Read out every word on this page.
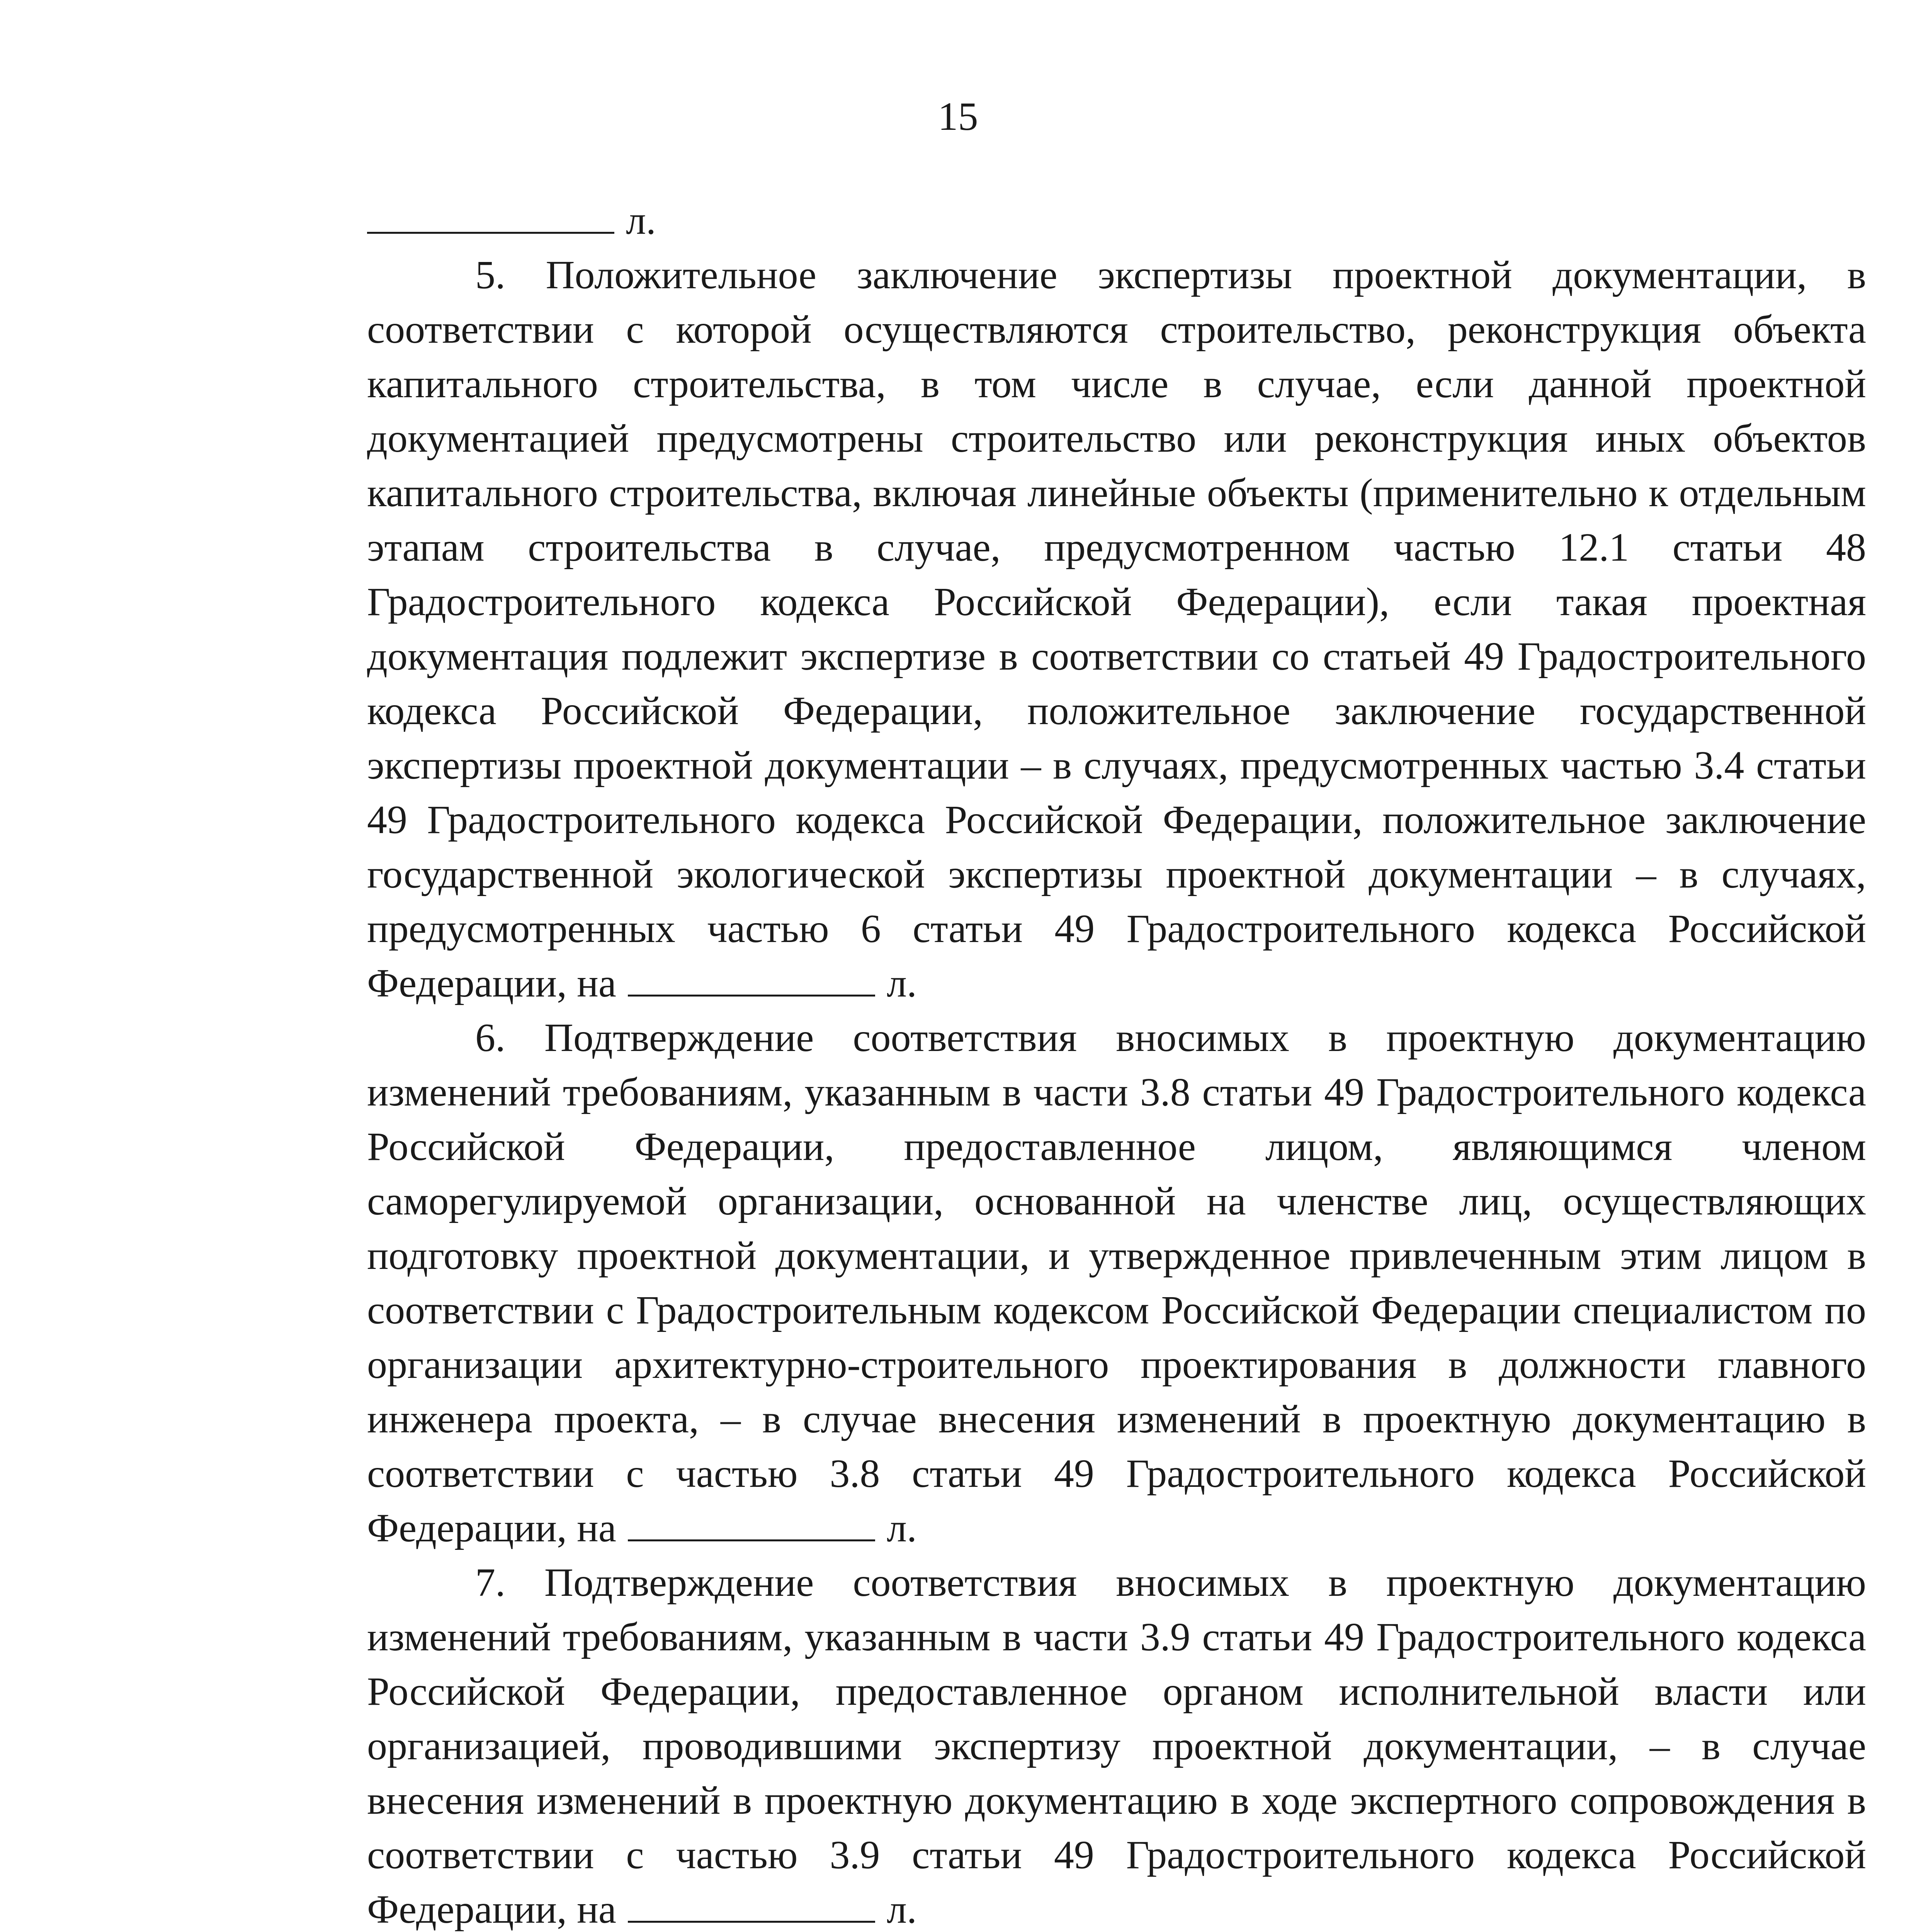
15

л.

5. Положительное заключение экспертизы проектной документации, в соответствии с которой осуществляются строительство, реконструкция объекта капитального строительства, в том числе в случае, если данной проектной документацией предусмотрены строительство или реконструкция иных объектов капитального строительства, включая линейные объекты (применительно к отдельным этапам строительства в случае, предусмотренном частью 12.1 статьи 48 Градостроительного кодекса Российской Федерации), если такая проектная документация подлежит экспертизе в соответствии со статьей 49 Градостроительного кодекса Российской Федерации, положительное заключение государственной экспертизы проектной документации – в случаях, предусмотренных частью 3.4 статьи 49 Градостроительного кодекса Российской Федерации, положительное заключение государственной экологической экспертизы проектной документации – в случаях, предусмотренных частью 6 статьи 49 Градостроительного кодекса Российской Федерации, на	л.

6. Подтверждение соответствия вносимых в проектную документацию изменений требованиям, указанным в части 3.8 статьи 49 Градостроительного кодекса Российской Федерации, предоставленное лицом, являющимся членом саморегулируемой организации, основанной на членстве лиц, осуществляющих подготовку проектной документации, и утвержденное привлеченным этим лицом в соответствии с Градостроительным кодексом Российской Федерации специалистом по организации архитектурно-строительного проектирования в должности главного инженера проекта, – в случае внесения изменений в проектную документацию в соответствии с частью 3.8 статьи 49 Градостроительного кодекса Российской Федерации, на	л.

7. Подтверждение соответствия вносимых в проектную документацию изменений требованиям, указанным в части 3.9 статьи 49 Градостроительного кодекса Российской Федерации, предоставленное органом исполнительной власти или организацией, проводившими экспертизу проектной документации, – в случае внесения изменений в проектную документацию в ходе экспертного сопровождения в соответствии с частью 3.9 статьи 49 Градостроительного кодекса Российской Федерации, на	л.
